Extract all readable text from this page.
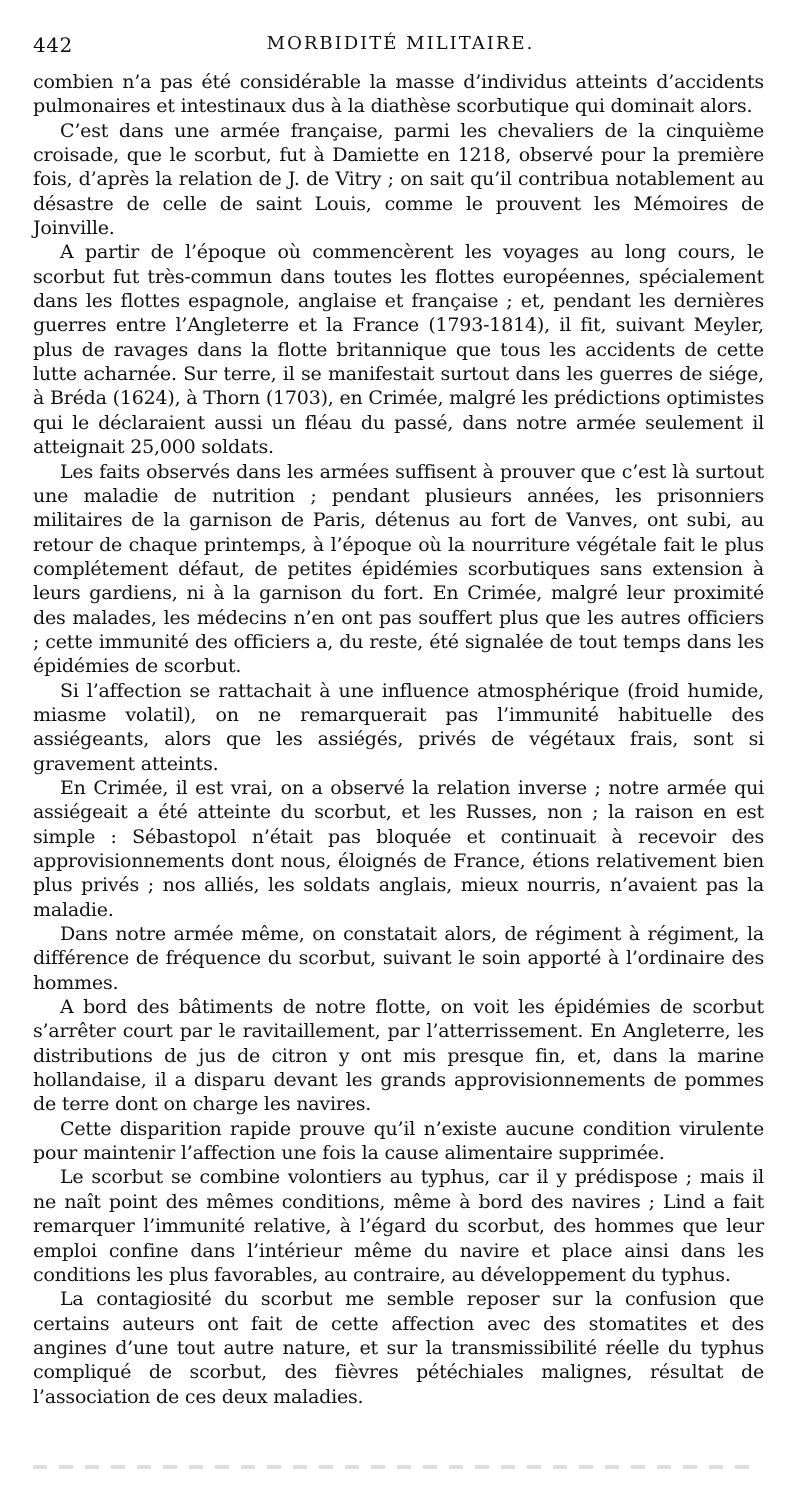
442	MORBIDITÉ MILITAIRE.

combien n’a pas été considérable la masse d’individus atteints d’accidents pulmonaires et intestinaux dus à la diathèse scorbutique qui dominait alors.

C’est dans une armée française, parmi les chevaliers de la cinquième croisade, que le scorbut, fut à Damiette en 1218, observé pour la première fois, d’après la relation de J. de Vitry ; on sait qu’il contribua notablement au désastre de celle de saint Louis, comme le prouvent les Mémoires de Joinville.

A partir de l’époque où commencèrent les voyages au long cours, le scorbut fut très-commun dans toutes les flottes européennes, spécialement dans les flottes espagnole, anglaise et française ; et, pendant les dernières guerres entre l’Angleterre et la France (1793-1814), il fit, suivant Meyler, plus de ravages dans la flotte britannique que tous les accidents de cette lutte acharnée. Sur terre, il se manifestait surtout dans les guerres de siége, à Bréda (1624), à Thorn (1703), en Crimée, malgré les prédictions optimistes qui le déclaraient aussi un fléau du passé, dans notre armée seulement il atteignait 25,000 soldats.

Les faits observés dans les armées suffisent à prouver que c’est là surtout une maladie de nutrition ; pendant plusieurs années, les prisonniers militaires de la garnison de Paris, détenus au fort de Vanves, ont subi, au retour de chaque printemps, à l’époque où la nourriture végétale fait le plus complétement défaut, de petites épidémies scorbutiques sans extension à leurs gardiens, ni à la garnison du fort. En Crimée, malgré leur proximité des malades, les médecins n’en ont pas souffert plus que les autres officiers ; cette immunité des officiers a, du reste, été signalée de tout temps dans les épidémies de scorbut.

Si l’affection se rattachait à une influence atmosphérique (froid humide, miasme volatil), on ne remarquerait pas l’immunité habituelle des assiégeants, alors que les assiégés, privés de végétaux frais, sont si gravement atteints.

En Crimée, il est vrai, on a observé la relation inverse ; notre armée qui assiégeait a été atteinte du scorbut, et les Russes, non ; la raison en est simple : Sébastopol n’était pas bloquée et continuait à recevoir des approvisionnements dont nous, éloignés de France, étions relativement bien plus privés ; nos alliés, les soldats anglais, mieux nourris, n’avaient pas la maladie.

Dans notre armée même, on constatait alors, de régiment à régiment, la différence de fréquence du scorbut, suivant le soin apporté à l’ordinaire des hommes.

A bord des bâtiments de notre flotte, on voit les épidémies de scorbut s’arrêter court par le ravitaillement, par l’atterrissement. En Angleterre, les distributions de jus de citron y ont mis presque fin, et, dans la marine hollandaise, il a disparu devant les grands approvisionnements de pommes de terre dont on charge les navires.

Cette disparition rapide prouve qu’il n’existe aucune condition virulente pour maintenir l’affection une fois la cause alimentaire supprimée.

Le scorbut se combine volontiers au typhus, car il y prédispose ; mais il ne naît point des mêmes conditions, même à bord des navires ; Lind a fait remarquer l’immunité relative, à l’égard du scorbut, des hommes que leur emploi confine dans l’intérieur même du navire et place ainsi dans les conditions les plus favorables, au contraire, au développement du typhus.

La contagiosité du scorbut me semble reposer sur la confusion que certains auteurs ont fait de cette affection avec des stomatites et des angines d’une tout autre nature, et sur la transmissibilité réelle du typhus compliqué de scorbut, des fièvres pétéchiales malignes, résultat de l’association de ces deux maladies.
